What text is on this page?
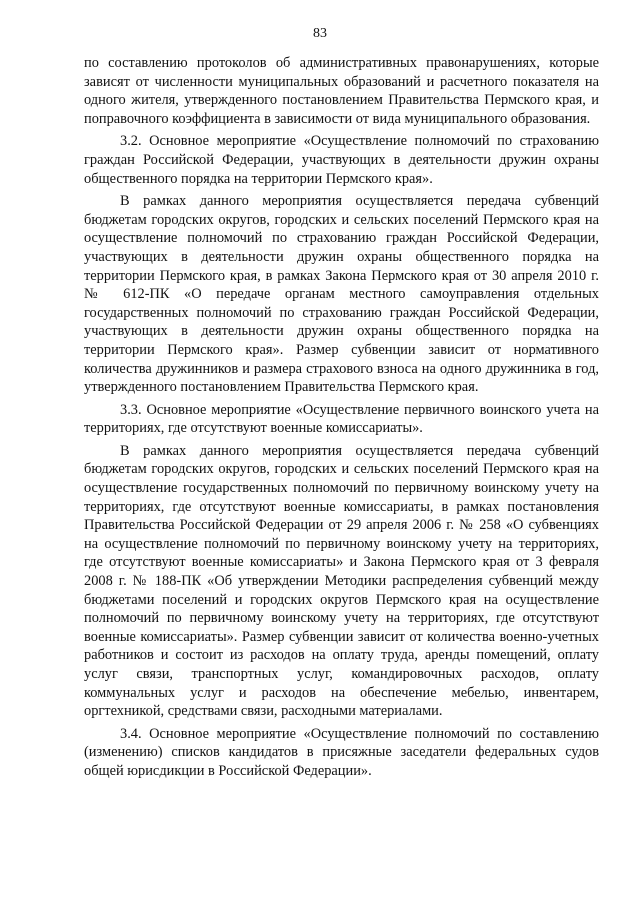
83

по составлению протоколов об административных правонарушениях, которые зависят от численности муниципальных образований и расчетного показателя на одного жителя, утвержденного постановлением Правительства Пермского края, и поправочного коэффициента в зависимости от вида муниципального образования.

3.2. Основное мероприятие «Осуществление полномочий по страхованию граждан Российской Федерации, участвующих в деятельности дружин охраны общественного порядка на территории Пермского края».

В рамках данного мероприятия осуществляется передача субвенций бюджетам городских округов, городских и сельских поселений Пермского края на осуществление полномочий по страхованию граждан Российской Федерации, участвующих в деятельности дружин охраны общественного порядка на территории Пермского края, в рамках Закона Пермского края от 30 апреля 2010 г. № 612-ПК «О передаче органам местного самоуправления отдельных государственных полномочий по страхованию граждан Российской Федерации, участвующих в деятельности дружин охраны общественного порядка на территории Пермского края». Размер субвенции зависит от нормативного количества дружинников и размера страхового взноса на одного дружинника в год, утвержденного постановлением Правительства Пермского края.

3.3. Основное мероприятие «Осуществление первичного воинского учета на территориях, где отсутствуют военные комиссариаты».

В рамках данного мероприятия осуществляется передача субвенций бюджетам городских округов, городских и сельских поселений Пермского края на осуществление государственных полномочий по первичному воинскому учету на территориях, где отсутствуют военные комиссариаты, в рамках постановления Правительства Российской Федерации от 29 апреля 2006 г. № 258 «О субвенциях на осуществление полномочий по первичному воинскому учету на территориях, где отсутствуют военные комиссариаты» и Закона Пермского края от 3 февраля 2008 г. № 188-ПК «Об утверждении Методики распределения субвенций между бюджетами поселений и городских округов Пермского края на осуществление полномочий по первичному воинскому учету на территориях, где отсутствуют военные комиссариаты». Размер субвенции зависит от количества военно-учетных работников и состоит из расходов на оплату труда, аренды помещений, оплату услуг связи, транспортных услуг, командировочных расходов, оплату коммунальных услуг и расходов на обеспечение мебелью, инвентарем, оргтехникой, средствами связи, расходными материалами.

3.4. Основное мероприятие «Осуществление полномочий по составлению (изменению) списков кандидатов в присяжные заседатели федеральных судов общей юрисдикции в Российской Федерации».
